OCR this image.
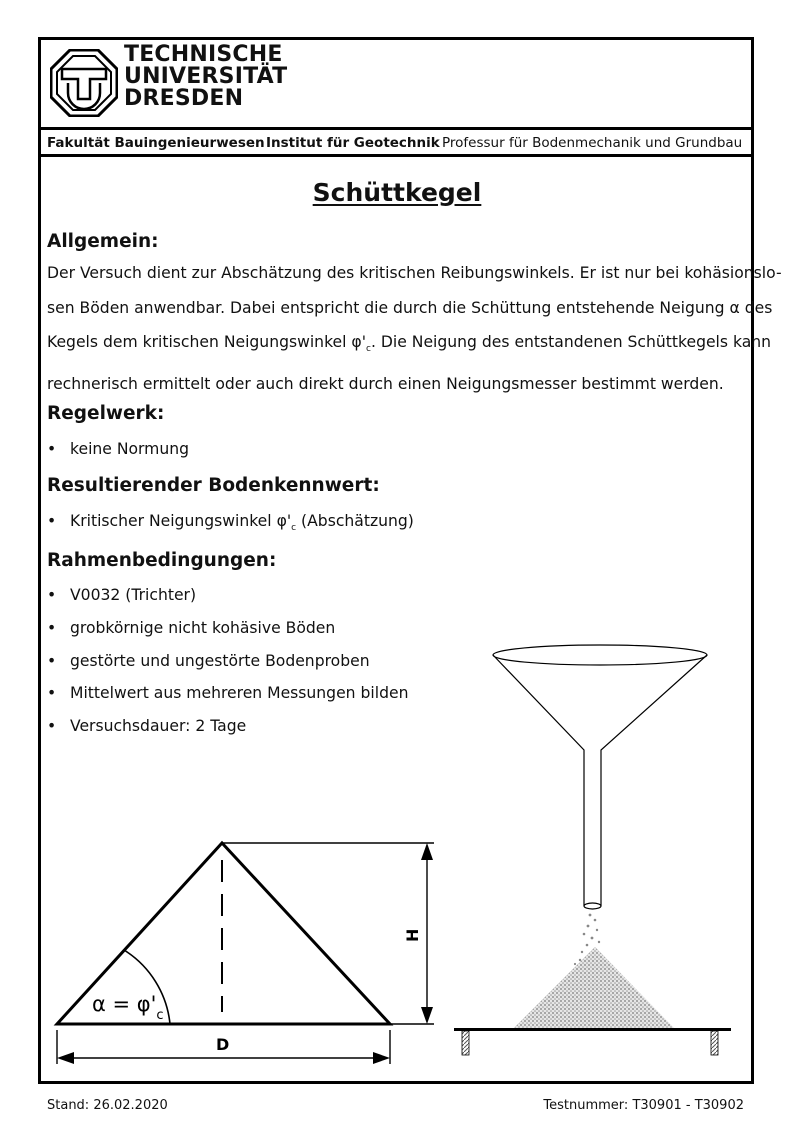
TECHNISCHE
UNIVERSITÄT
DRESDEN
Fakultät Bauingenieurwesen Institut für Geotechnik Professur für Bodenmechanik und Grundbau
Schüttkegel
Allgemein:

Der Versuch dient zur Abschätzung des kritischen Reibungswinkels. Er ist nur bei kohäsionslo-

sen Böden anwendbar. Dabei entspricht die durch die Schüttung entstehende Neigung α des

Kegels dem kritischen Neigungswinkel $\varphi'_c$. Die Neigung des entstandenen Schüttkegels kann

rechnerisch ermittelt oder auch direkt durch einen Neigungsmesser bestimmt werden.

Regelwerk:
• keine Normung
Resultierender Bodenkennwert:
• Kritischer Neigungswinkel $\varphi'_c$ (Abschätzung)
Rahmenbedingungen:
• V0032 (Trichter)
• grobkörnige nicht kohäsive Böden
• gestörte und ungestörte Bodenproben
• Mittelwert aus mehreren Messungen bilden
• Versuchsdauer: 2 Tage
$\alpha = \varphi'_c$
H
D
Stand: 26.02.2020	Testnummer: T30901 - T30902
